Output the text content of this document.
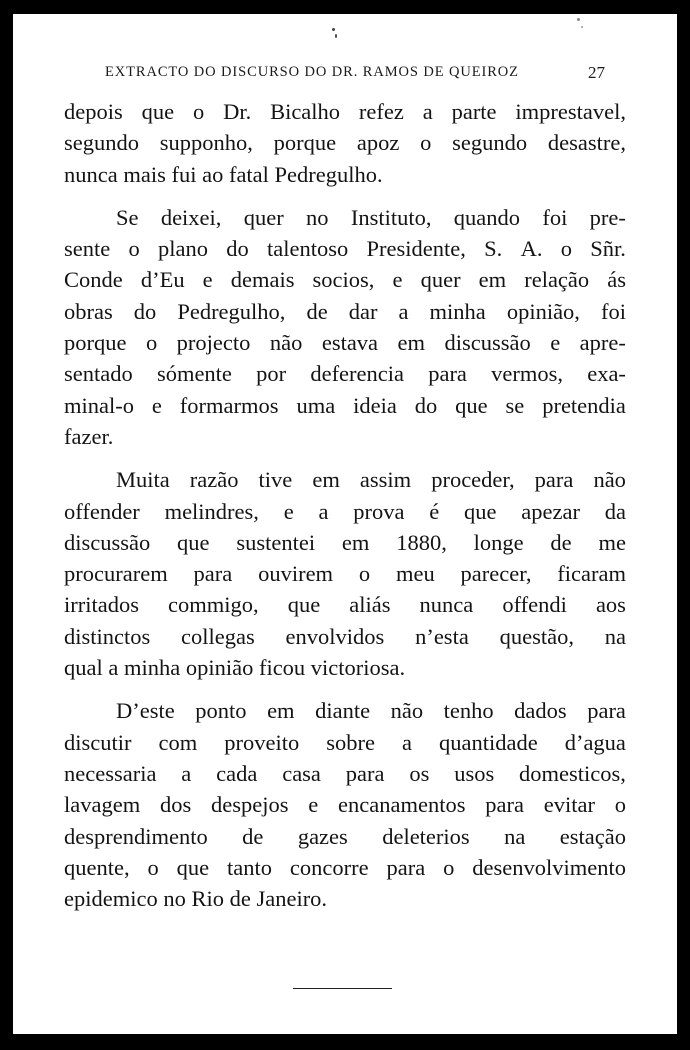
EXTRACTO DO DISCURSO DO DR. RAMOS DE QUEIROZ	27
depois que o Dr. Bicalho refez a parte imprestavel,
segundo supponho, porque apoz o segundo desastre,
nunca mais fui ao fatal Pedregulho.
Se deixei, quer no Instituto, quando foi pre-
sente o plano do talentoso Presidente, S. A. o Sñr.
Conde d’Eu e demais socios, e quer em relação ás
obras do Pedregulho, de dar a minha opinião, foi
porque o projecto não estava em discussão e apre-
sentado sómente por deferencia para vermos, exa-
minal-o e formarmos uma ideia do que se pretendia
fazer.
Muita razão tive em assim proceder, para não
offender melindres, e a prova é que apezar da
discussão que sustentei em 1880, longe de me
procurarem para ouvirem o meu parecer, ficaram
irritados commigo, que aliás nunca offendi aos
distinctos collegas envolvidos n’esta questão, na
qual a minha opinião ficou victoriosa.
D’este ponto em diante não tenho dados para
discutir com proveito sobre a quantidade d’agua
necessaria a cada casa para os usos domesticos,
lavagem dos despejos e encanamentos para evitar o
desprendimento de gazes deleterios na estação
quente, o que tanto concorre para o desenvolvimento
epidemico no Rio de Janeiro.
